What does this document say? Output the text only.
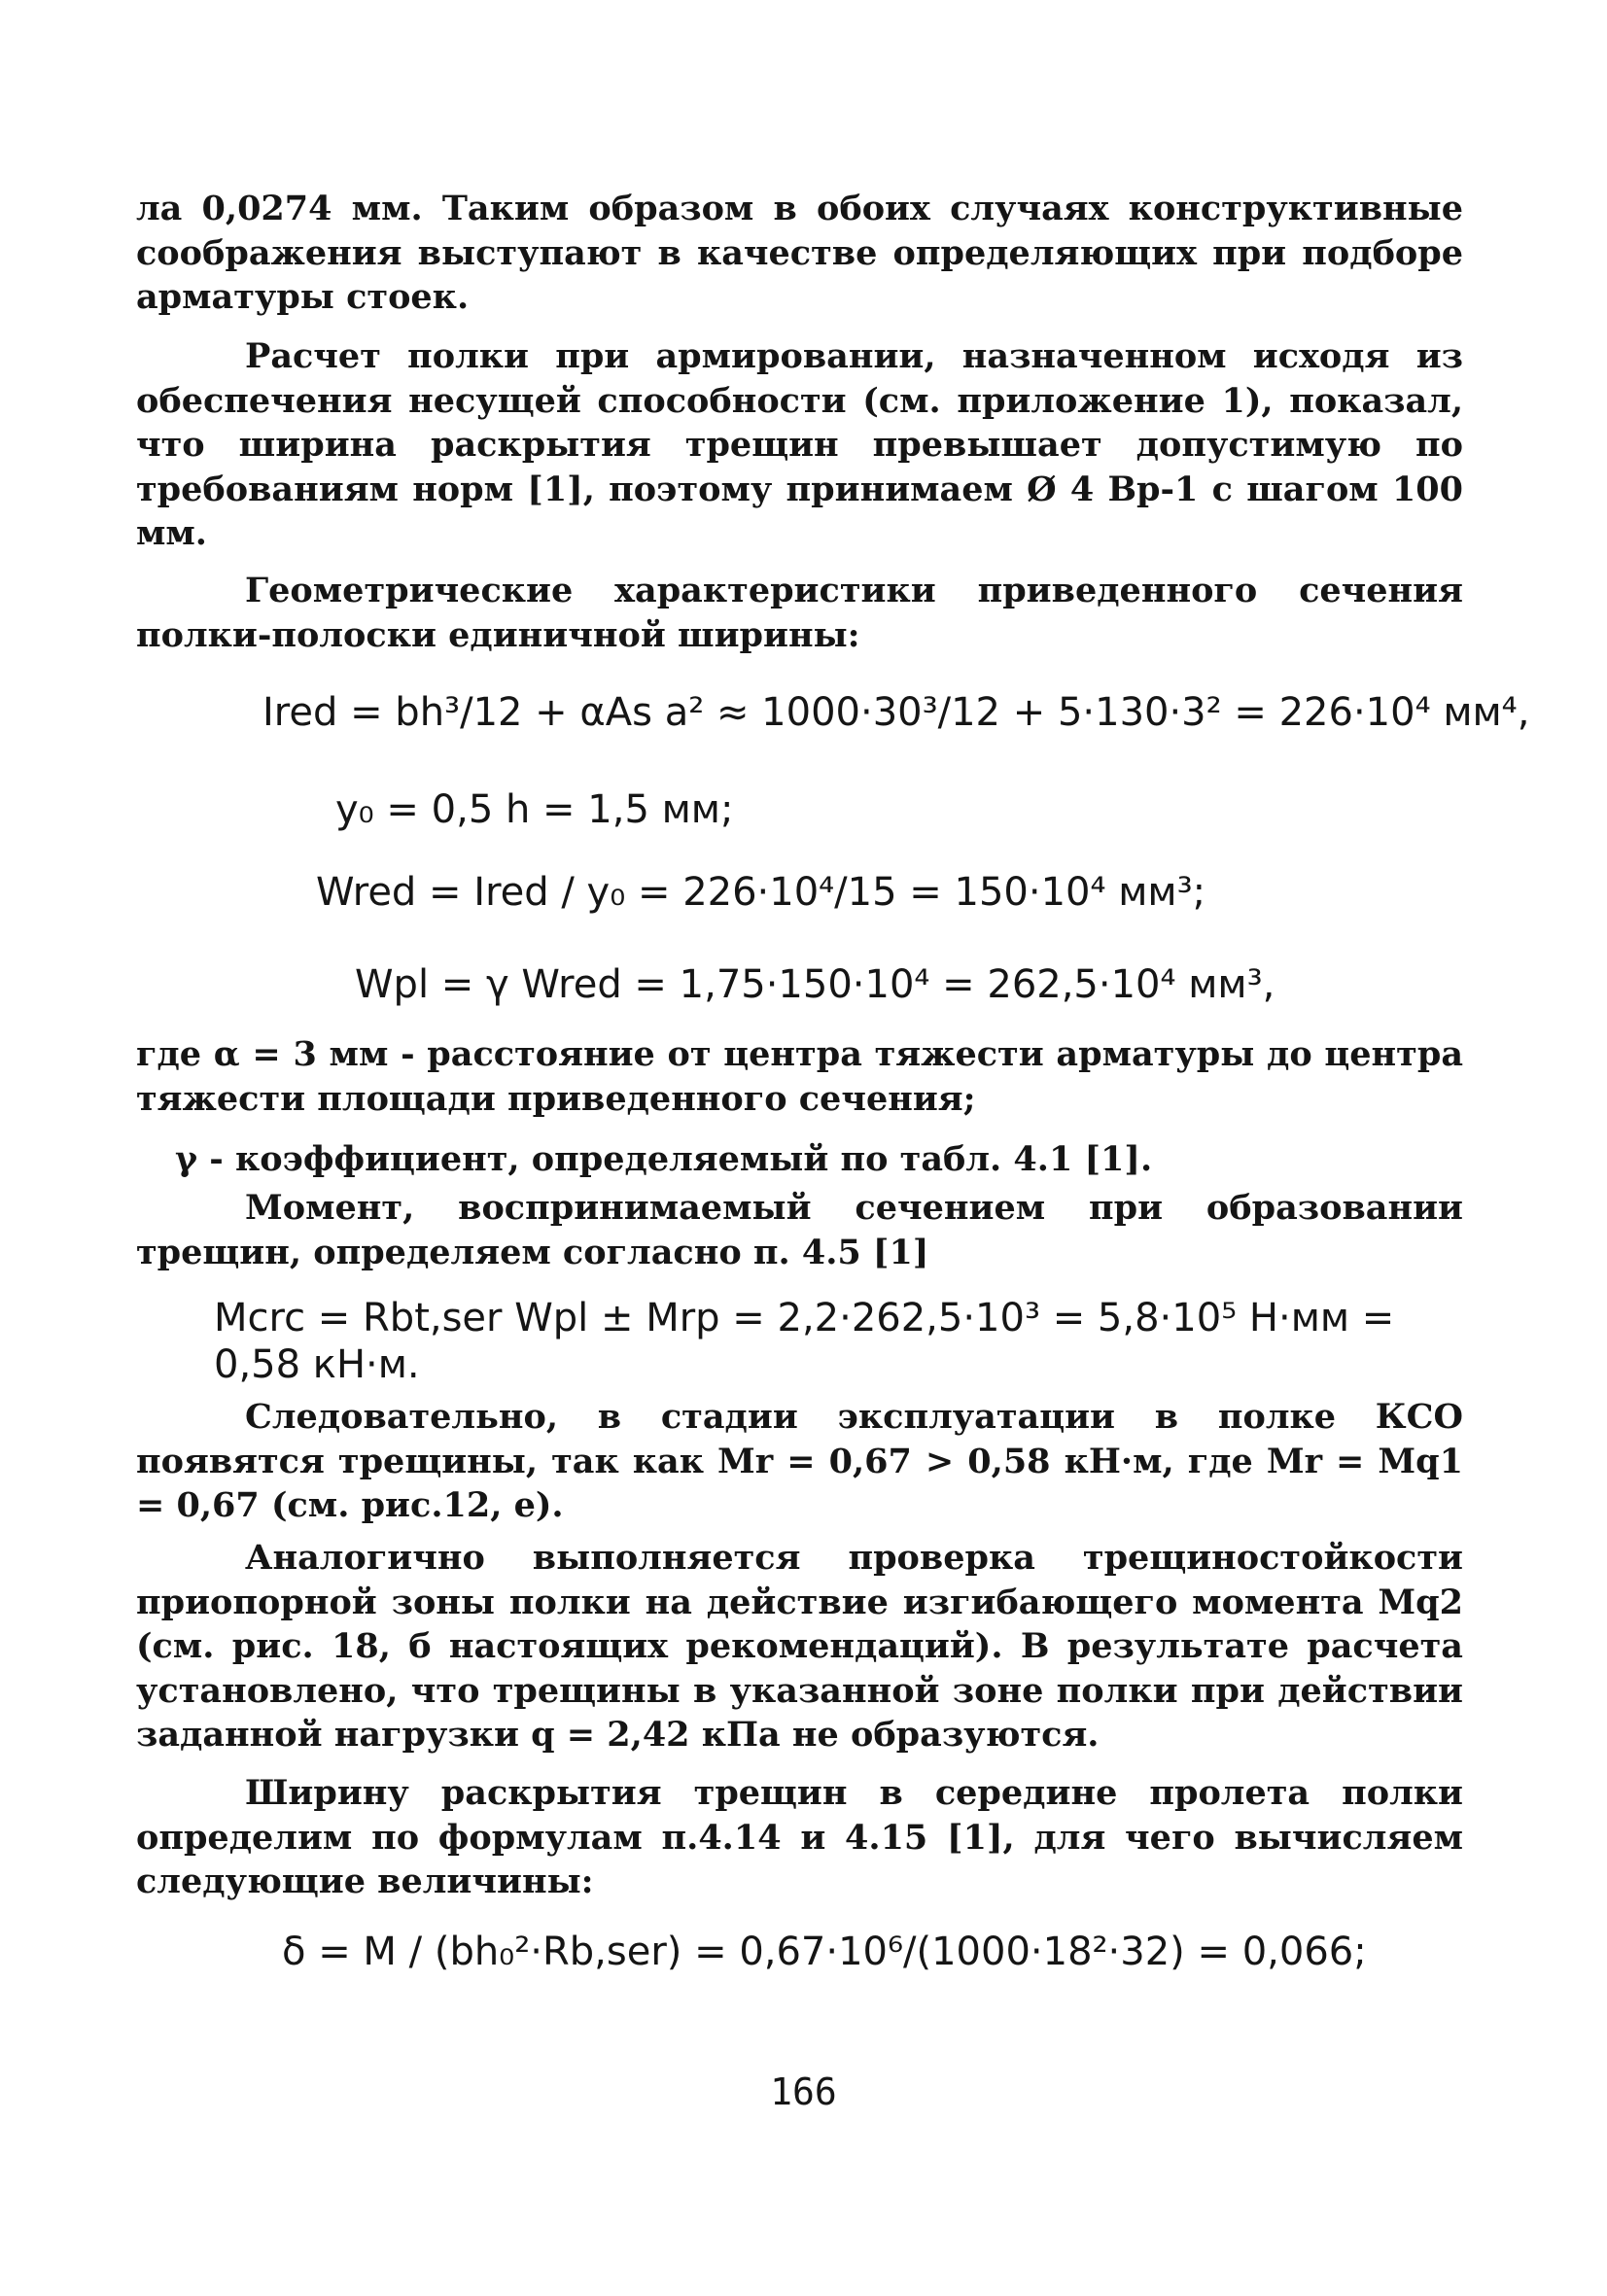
ла 0,0274 мм. Таким образом в обоих случаях конструктивные соображения выступают в качестве определяющих при подборе арматуры стоек.

Расчет полки при армировании, назначенном исходя из обеспечения несущей способности (см. приложение 1), показал, что ширина раскрытия трещин превышает допустимую по требованиям норм [1], поэтому принимаем Ø 4 Вр-1 с шагом 100 мм.

Геометрические характеристики приведенного сечения полки-полоски единичной ширины:

Ired = bh³/12 + αAs a² ≈ 1000·30³/12 + 5·130·3² = 226·10⁴ мм⁴,
y₀ = 0,5 h = 1,5 мм;
Wred = Ired / y₀ = 226·10⁴/15 = 150·10⁴ мм³;
Wpl = γ Wred = 1,75·150·10⁴ = 262,5·10⁴ мм³,

где α = 3 мм - расстояние от центра тяжести арматуры до центра тяжести площади приведенного сечения;

γ - коэффициент, определяемый по табл. 4.1 [1].

Момент, воспринимаемый сечением при образовании трещин, определяем согласно п. 4.5 [1]

Mcrc = Rbt,ser Wpl ± Mrp = 2,2·262,5·10³ = 5,8·10⁵ Н·мм = 0,58 кН·м.

Следовательно, в стадии эксплуатации в полке КСО появятся трещины, так как Mr = 0,67 > 0,58 кН·м, где Mr = Mq1 = 0,67 (см. рис.12, е).

Аналогично выполняется проверка трещиностойкости приопорной зоны полки на действие изгибающего момента Mq2 (см. рис. 18, б настоящих рекомендаций). В результате расчета установлено, что трещины в указанной зоне полки при действии заданной нагрузки q = 2,42 кПа не образуются.

Ширину раскрытия трещин в середине пролета полки определим по формулам п.4.14 и 4.15 [1], для чего вычисляем следующие величины:

δ = M / (bh₀²·Rb,ser) = 0,67·10⁶/(1000·18²·32) = 0,066;
166
